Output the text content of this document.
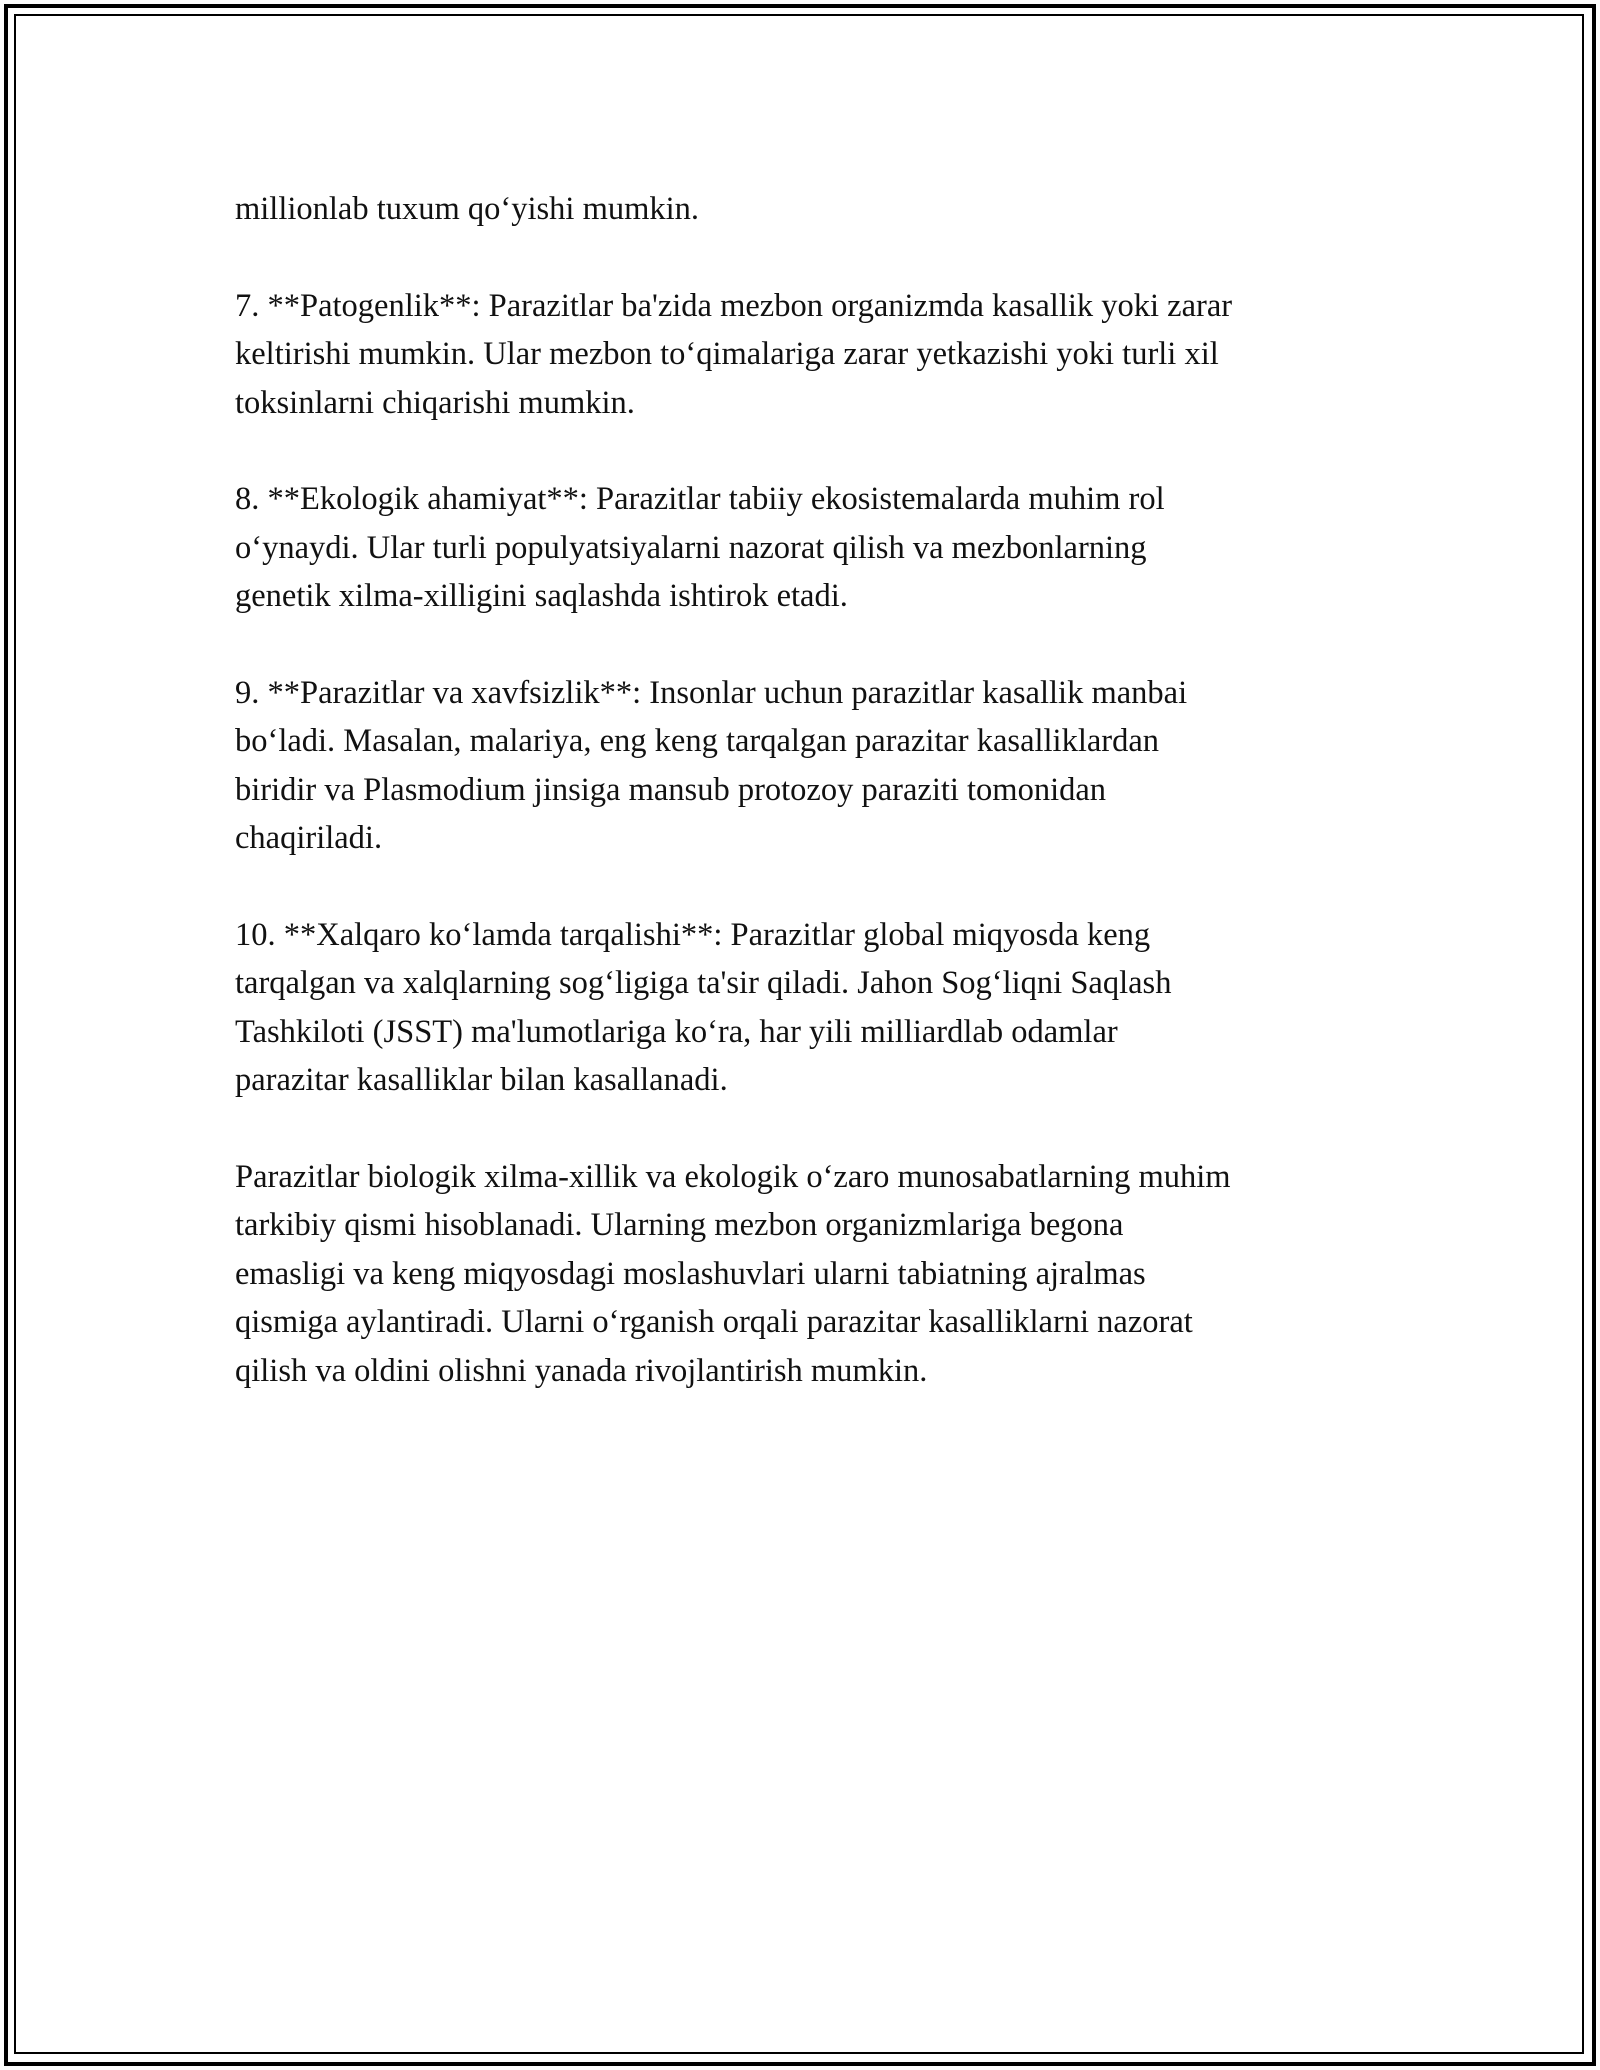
millionlab tuxum qo‘yishi mumkin.

7. **Patogenlik**: Parazitlar ba'zida mezbon organizmda kasallik yoki zarar
keltirishi mumkin. Ular mezbon to‘qimalariga zarar yetkazishi yoki turli xil
toksinlarni chiqarishi mumkin.

8. **Ekologik ahamiyat**: Parazitlar tabiiy ekosistemalarda muhim rol
o‘ynaydi. Ular turli populyatsiyalarni nazorat qilish va mezbonlarning
genetik xilma-xilligini saqlashda ishtirok etadi.

9. **Parazitlar va xavfsizlik**: Insonlar uchun parazitlar kasallik manbai
bo‘ladi. Masalan, malariya, eng keng tarqalgan parazitar kasalliklardan
biridir va Plasmodium jinsiga mansub protozoy paraziti tomonidan
chaqiriladi.

10. **Xalqaro ko‘lamda tarqalishi**: Parazitlar global miqyosda keng
tarqalgan va xalqlarning sog‘ligiga ta'sir qiladi. Jahon Sog‘liqni Saqlash
Tashkiloti (JSST) ma'lumotlariga ko‘ra, har yili milliardlab odamlar
parazitar kasalliklar bilan kasallanadi.

Parazitlar biologik xilma-xillik va ekologik o‘zaro munosabatlarning muhim
tarkibiy qismi hisoblanadi. Ularning mezbon organizmlariga begona
emasligi va keng miqyosdagi moslashuvlari ularni tabiatning ajralmas
qismiga aylantiradi. Ularni o‘rganish orqali parazitar kasalliklarni nazorat
qilish va oldini olishni yanada rivojlantirish mumkin.
